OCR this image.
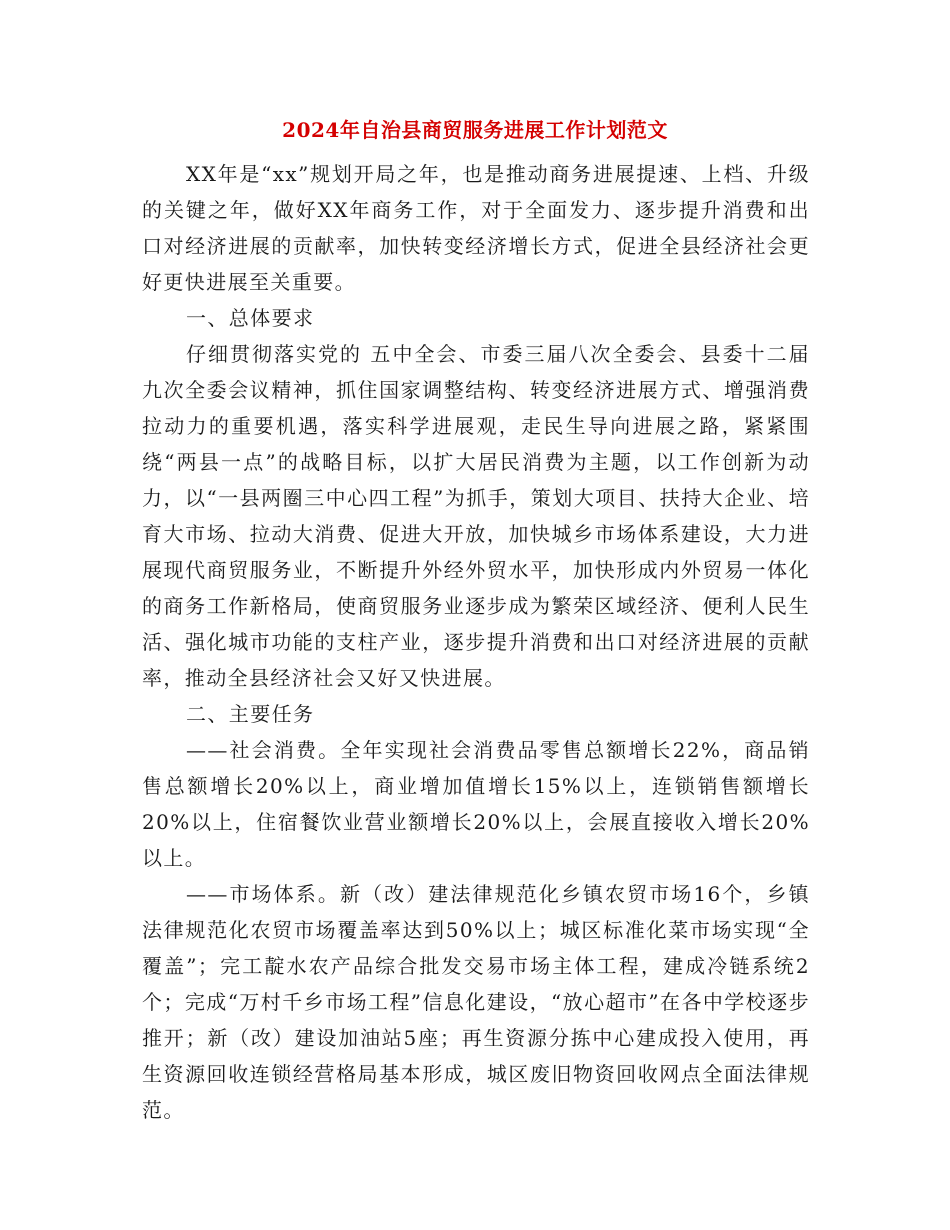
2024年自治县商贸服务进展工作计划范文

XX年是“xx”规划开局之年，也是推动商务进展提速、上档、升级的关键之年，做好XX年商务工作，对于全面发力、逐步提升消费和出口对经济进展的贡献率，加快转变经济增长方式，促进全县经济社会更好更快进展至关重要。

一、总体要求

仔细贯彻落实党的 五中全会、市委三届八次全委会、县委十二届九次全委会议精神，抓住国家调整结构、转变经济进展方式、增强消费拉动力的重要机遇，落实科学进展观，走民生导向进展之路，紧紧围绕“两县一点”的战略目标，以扩大居民消费为主题，以工作创新为动力，以“一县两圈三中心四工程”为抓手，策划大项目、扶持大企业、培育大市场、拉动大消费、促进大开放，加快城乡市场体系建设，大力进展现代商贸服务业，不断提升外经外贸水平，加快形成内外贸易一体化的商务工作新格局，使商贸服务业逐步成为繁荣区域经济、便利人民生活、强化城市功能的支柱产业，逐步提升消费和出口对经济进展的贡献率，推动全县经济社会又好又快进展。

二、主要任务

——社会消费。全年实现社会消费品零售总额增长22%，商品销售总额增长20%以上，商业增加值增长15%以上，连锁销售额增长20%以上，住宿餐饮业营业额增长20%以上，会展直接收入增长20%以上。

——市场体系。新（改）建法律规范化乡镇农贸市场16个，乡镇法律规范化农贸市场覆盖率达到50%以上；城区标准化菜市场实现“全覆盖”；完工靛水农产品综合批发交易市场主体工程，建成冷链系统2个；完成“万村千乡市场工程”信息化建设，“放心超市”在各中学校逐步推开；新（改）建设加油站5座；再生资源分拣中心建成投入使用，再生资源回收连锁经营格局基本形成，城区废旧物资回收网点全面法律规范。
